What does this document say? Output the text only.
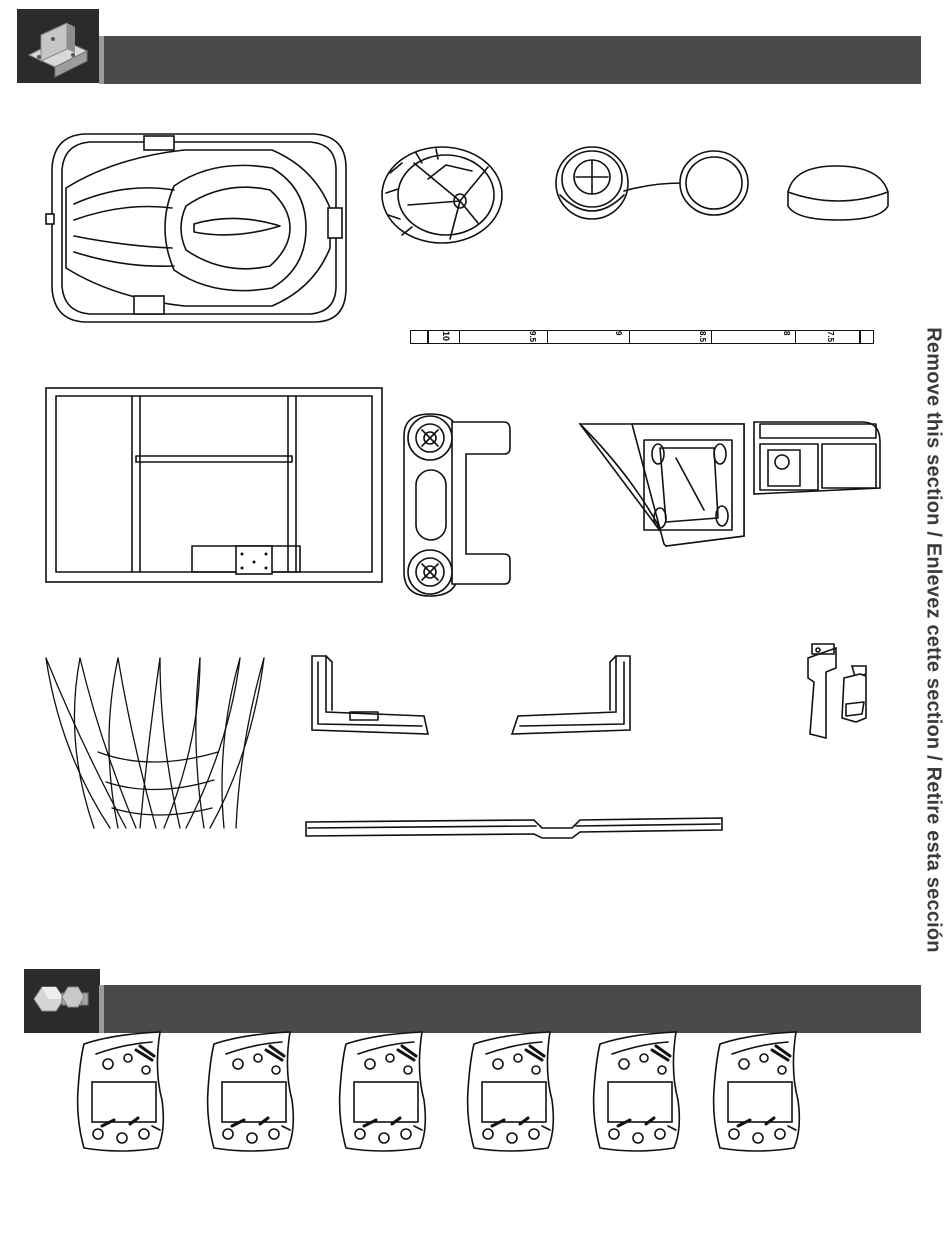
Remove this section / Enlevez cette section / Retire esta sección
10	9.5	9	8.5	8	7.5
